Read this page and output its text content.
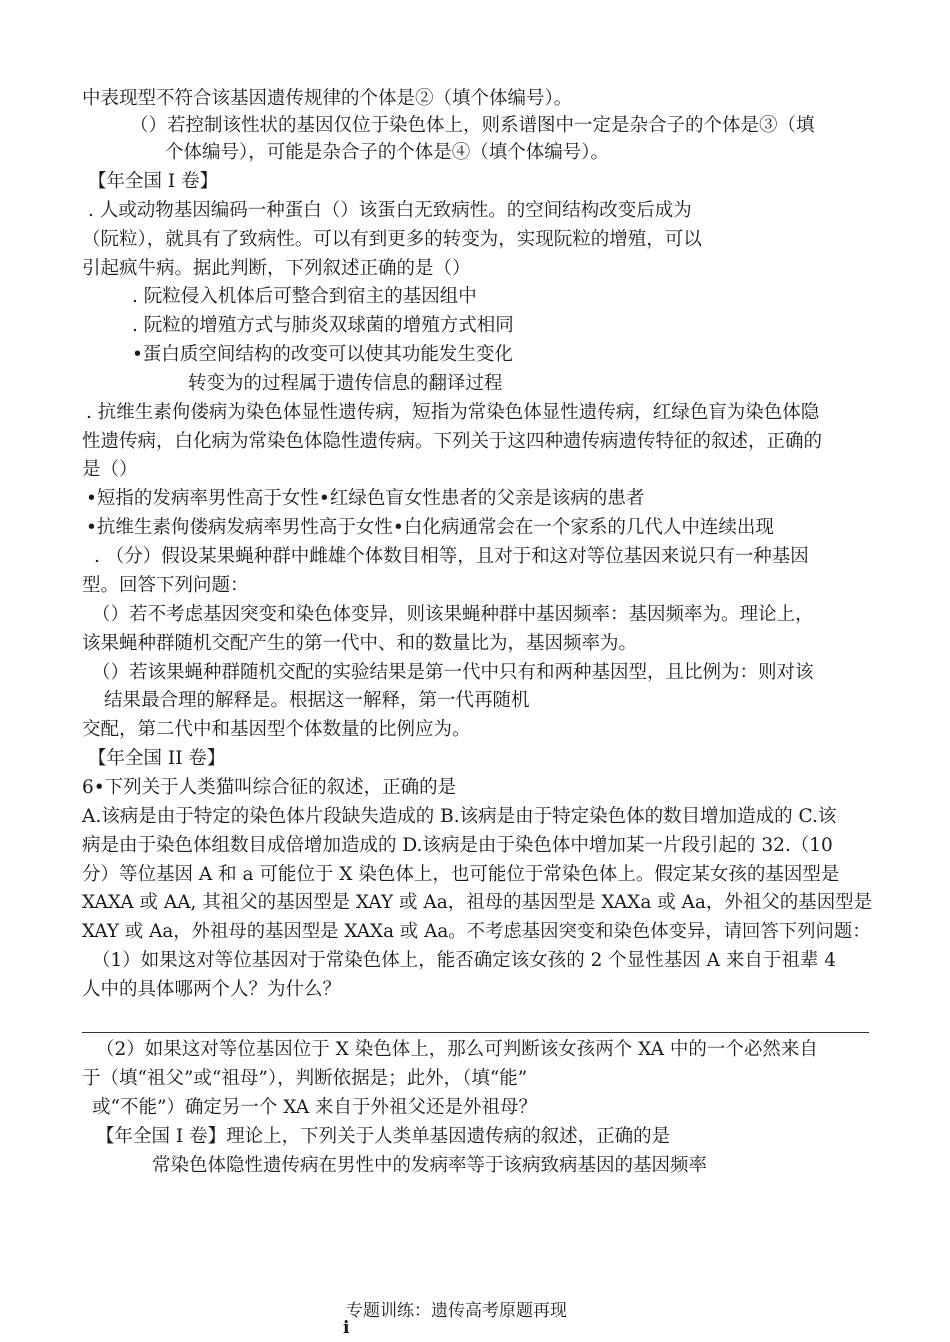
中表现型不符合该基因遗传规律的个体是②（填个体编号）。
（）若控制该性状的基因仅位于染色体上，则系谱图中一定是杂合子的个体是③（填
个体编号），可能是杂合子的个体是④（填个体编号）。
【年全国 I 卷】
. 人或动物基因编码一种蛋白（）该蛋白无致病性。的空间结构改变后成为
（阮粒），就具有了致病性。可以有到更多的转变为，实现阮粒的增殖，可以
引起疯牛病。据此判断，下列叙述正确的是（）
. 阮粒侵入机体后可整合到宿主的基因组中
. 阮粒的增殖方式与肺炎双球菌的增殖方式相同
•蛋白质空间结构的改变可以使其功能发生变化
转变为的过程属于遗传信息的翻译过程
. 抗维生素佝偻病为染色体显性遗传病，短指为常染色体显性遗传病，红绿色盲为染色体隐
性遗传病，白化病为常染色体隐性遗传病。下列关于这四种遗传病遗传特征的叙述，正确的
是（）
•短指的发病率男性高于女性•红绿色盲女性患者的父亲是该病的患者
•抗维生素佝偻病发病率男性高于女性•白化病通常会在一个家系的几代人中连续出现
. （分）假设某果蝇种群中雌雄个体数目相等，且对于和这对等位基因来说只有一种基因
型。回答下列问题：
（）若不考虑基因突变和染色体变异，则该果蝇种群中基因频率：基因频率为。理论上，
该果蝇种群随机交配产生的第一代中、和的数量比为，基因频率为。
（）若该果蝇种群随机交配的实验结果是第一代中只有和两种基因型，且比例为：则对该
结果最合理的解释是。根据这一解释，第一代再随机
交配，第二代中和基因型个体数量的比例应为。
【年全国 II 卷】
6•下列关于人类猫叫综合征的叙述，正确的是
A.该病是由于特定的染色体片段缺失造成的 B.该病是由于特定染色体的数目增加造成的 C.该
病是由于染色体组数目成倍增加造成的 D.该病是由于染色体中增加某一片段引起的 32.（10
分）等位基因 A 和 a 可能位于 X 染色体上，也可能位于常染色体上。假定某女孩的基因型是
XAXA 或 AA, 其祖父的基因型是 XAY 或 Aa，祖母的基因型是 XAXa 或 Aa，外祖父的基因型是
XAY 或 Aa，外祖母的基因型是 XAXa 或 Aa。不考虑基因突变和染色体变异，请回答下列问题：
（1）如果这对等位基因对于常染色体上，能否确定该女孩的 2 个显性基因 A 来自于祖辈 4
人中的具体哪两个人？为什么？
（2）如果这对等位基因位于 X 染色体上，那么可判断该女孩两个 XA 中的一个必然来自
于（填“祖父”或“祖母”），判断依据是；此外，（填“能”
或“不能”）确定另一个 XA 来自于外祖父还是外祖母？
【年全国 I 卷】理论上，下列关于人类单基因遗传病的叙述，正确的是
常染色体隐性遗传病在男性中的发病率等于该病致病基因的基因频率
专题训练：遗传高考原题再现
i
